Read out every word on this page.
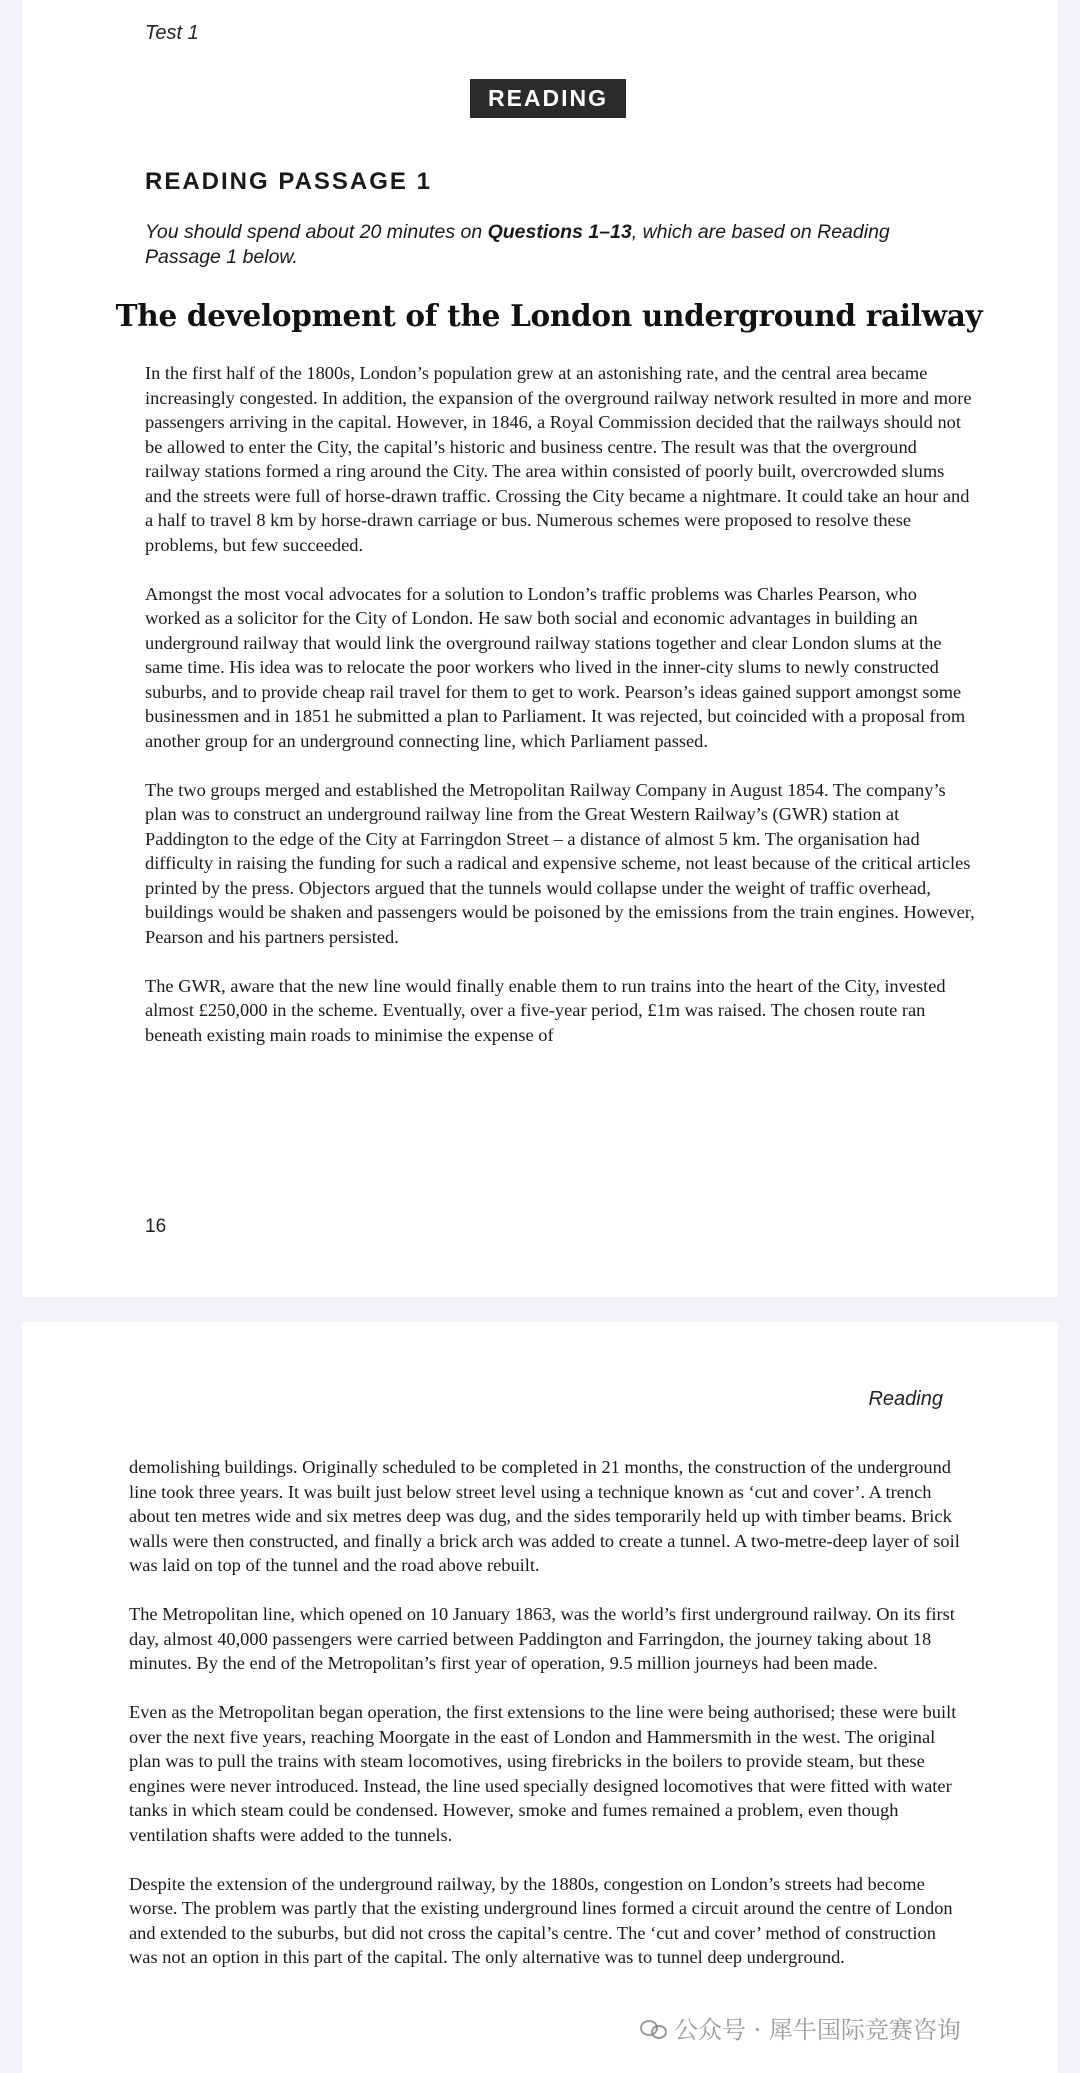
Test 1
READING
READING PASSAGE 1

You should spend about 20 minutes on Questions 1–13, which are based on Reading Passage 1 below.

The development of the London underground railway

In the first half of the 1800s, London’s population grew at an astonishing rate, and the central area became increasingly congested. In addition, the expansion of the overground railway network resulted in more and more passengers arriving in the capital. However, in 1846, a Royal Commission decided that the railways should not be allowed to enter the City, the capital’s historic and business centre. The result was that the overground railway stations formed a ring around the City. The area within consisted of poorly built, overcrowded slums and the streets were full of horse-drawn traffic. Crossing the City became a nightmare. It could take an hour and a half to travel 8 km by horse-drawn carriage or bus. Numerous schemes were proposed to resolve these problems, but few succeeded.

Amongst the most vocal advocates for a solution to London’s traffic problems was Charles Pearson, who worked as a solicitor for the City of London. He saw both social and economic advantages in building an underground railway that would link the overground railway stations together and clear London slums at the same time. His idea was to relocate the poor workers who lived in the inner-city slums to newly constructed suburbs, and to provide cheap rail travel for them to get to work. Pearson’s ideas gained support amongst some businessmen and in 1851 he submitted a plan to Parliament. It was rejected, but coincided with a proposal from another group for an underground connecting line, which Parliament passed.

The two groups merged and established the Metropolitan Railway Company in August 1854. The company’s plan was to construct an underground railway line from the Great Western Railway’s (GWR) station at Paddington to the edge of the City at Farringdon Street – a distance of almost 5 km. The organisation had difficulty in raising the funding for such a radical and expensive scheme, not least because of the critical articles printed by the press. Objectors argued that the tunnels would collapse under the weight of traffic overhead, buildings would be shaken and passengers would be poisoned by the emissions from the train engines. However, Pearson and his partners persisted.

The GWR, aware that the new line would finally enable them to run trains into the heart of the City, invested almost £250,000 in the scheme. Eventually, over a five-year period, £1m was raised. The chosen route ran beneath existing main roads to minimise the expense of

16
Reading

demolishing buildings. Originally scheduled to be completed in 21 months, the construction of the underground line took three years. It was built just below street level using a technique known as ‘cut and cover’. A trench about ten metres wide and six metres deep was dug, and the sides temporarily held up with timber beams. Brick walls were then constructed, and finally a brick arch was added to create a tunnel. A two-metre-deep layer of soil was laid on top of the tunnel and the road above rebuilt.

The Metropolitan line, which opened on 10 January 1863, was the world’s first underground railway. On its first day, almost 40,000 passengers were carried between Paddington and Farringdon, the journey taking about 18 minutes. By the end of the Metropolitan’s first year of operation, 9.5 million journeys had been made.

Even as the Metropolitan began operation, the first extensions to the line were being authorised; these were built over the next five years, reaching Moorgate in the east of London and Hammersmith in the west. The original plan was to pull the trains with steam locomotives, using firebricks in the boilers to provide steam, but these engines were never introduced. Instead, the line used specially designed locomotives that were fitted with water tanks in which steam could be condensed. However, smoke and fumes remained a problem, even though ventilation shafts were added to the tunnels.

Despite the extension of the underground railway, by the 1880s, congestion on London’s streets had become worse. The problem was partly that the existing underground lines formed a circuit around the centre of London and extended to the suburbs, but did not cross the capital’s centre. The ‘cut and cover’ method of construction was not an option in this part of the capital. The only alternative was to tunnel deep underground.

公众号 · 犀牛国际竞赛咨询
